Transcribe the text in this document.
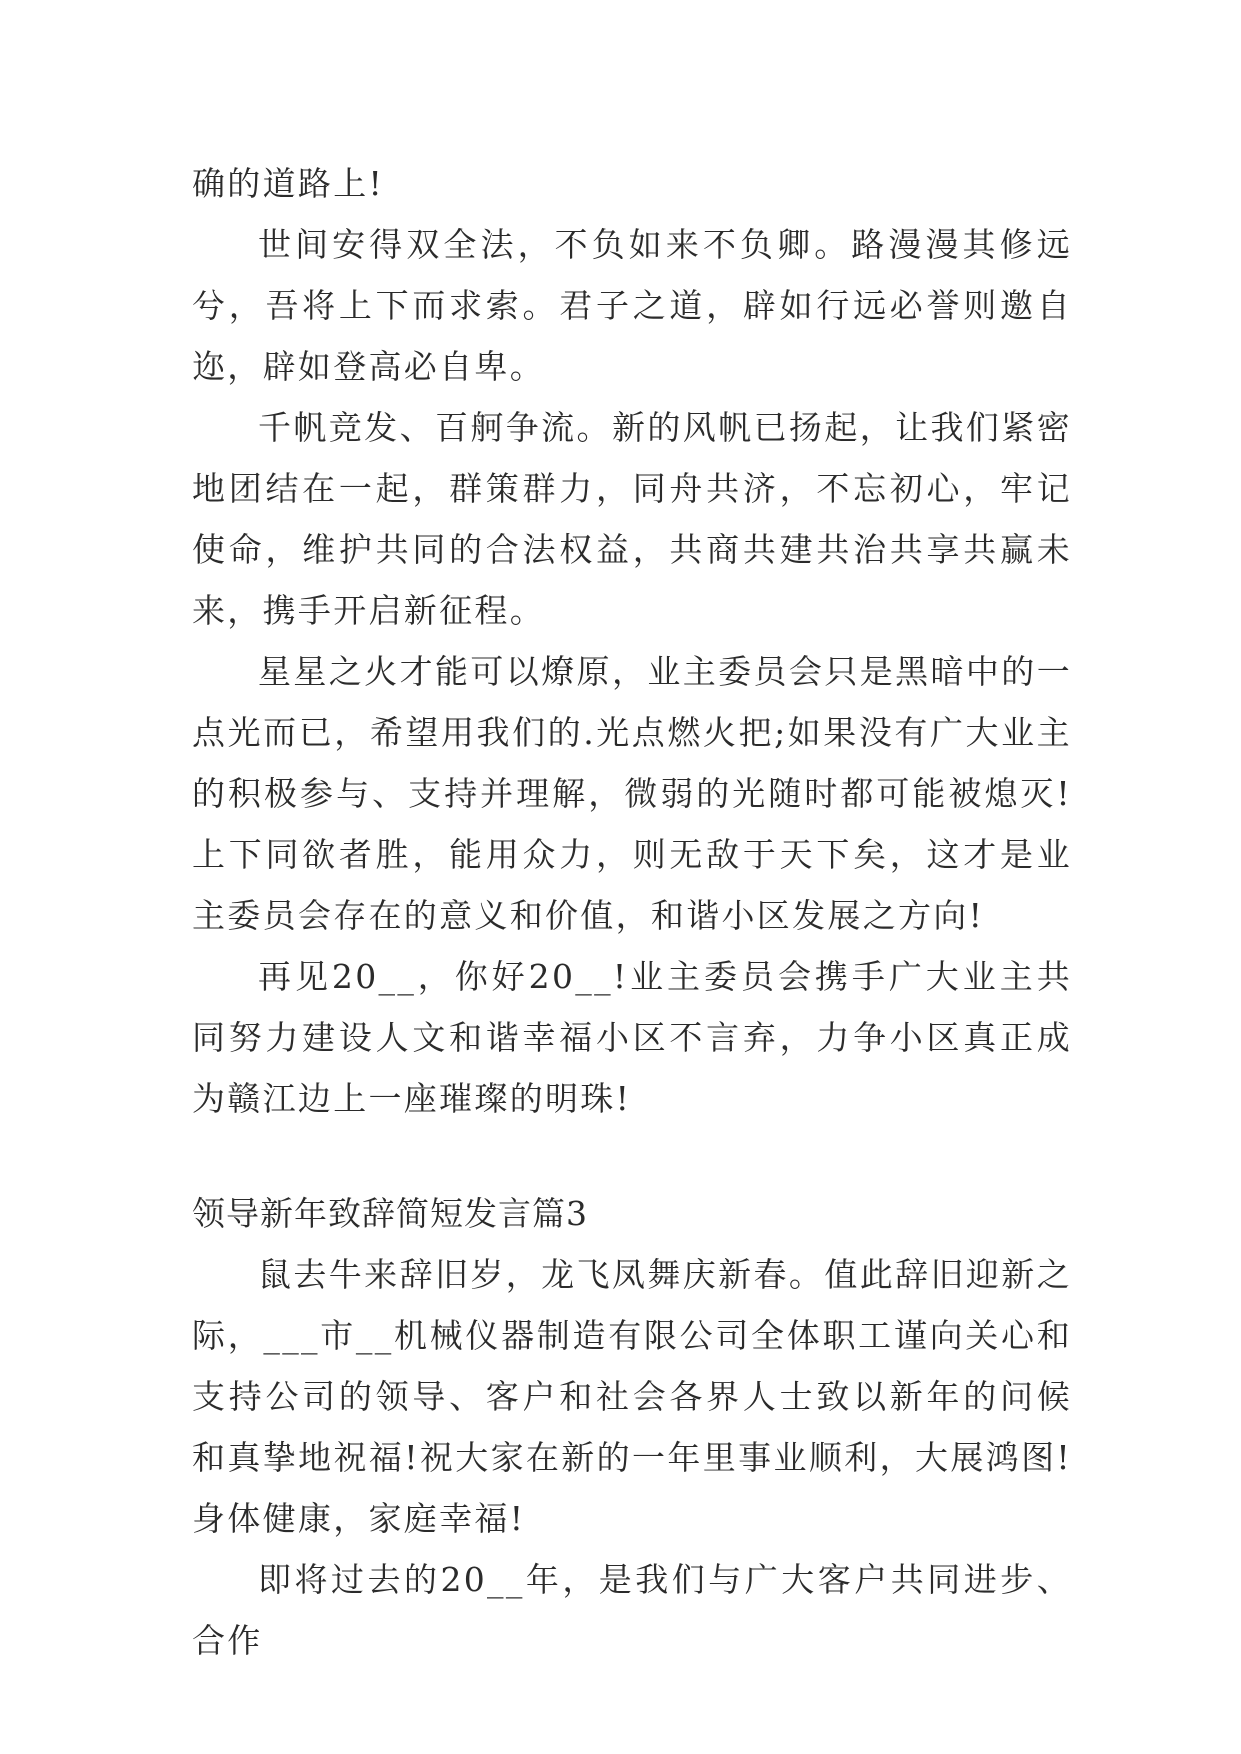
确的道路上!

世间安得双全法，不负如来不负卿。路漫漫其修远兮，吾将上下而求索。君子之道，辟如行远必誉则邀自迩，辟如登高必自卑。

千帆竞发、百舸争流。新的风帆已扬起，让我们紧密地团结在一起，群策群力，同舟共济，不忘初心，牢记使命，维护共同的合法权益，共商共建共治共享共赢未来，携手开启新征程。

星星之火才能可以燎原，业主委员会只是黑暗中的一点光而已，希望用我们的.光点燃火把;如果没有广大业主的积极参与、支持并理解，微弱的光随时都可能被熄灭!上下同欲者胜，能用众力，则无敌于天下矣，这才是业主委员会存在的意义和价值，和谐小区发展之方向!

再见20__，你好20__!业主委员会携手广大业主共同努力建设人文和谐幸福小区不言弃，力争小区真正成为赣江边上一座璀璨的明珠!

领导新年致辞简短发言篇3

鼠去牛来辞旧岁，龙飞凤舞庆新春。值此辞旧迎新之际，___市__机械仪器制造有限公司全体职工谨向关心和支持公司的领导、客户和社会各界人士致以新年的问候和真挚地祝福!祝大家在新的一年里事业顺利，大展鸿图!身体健康，家庭幸福!

即将过去的20__年，是我们与广大客户共同进步、合作
